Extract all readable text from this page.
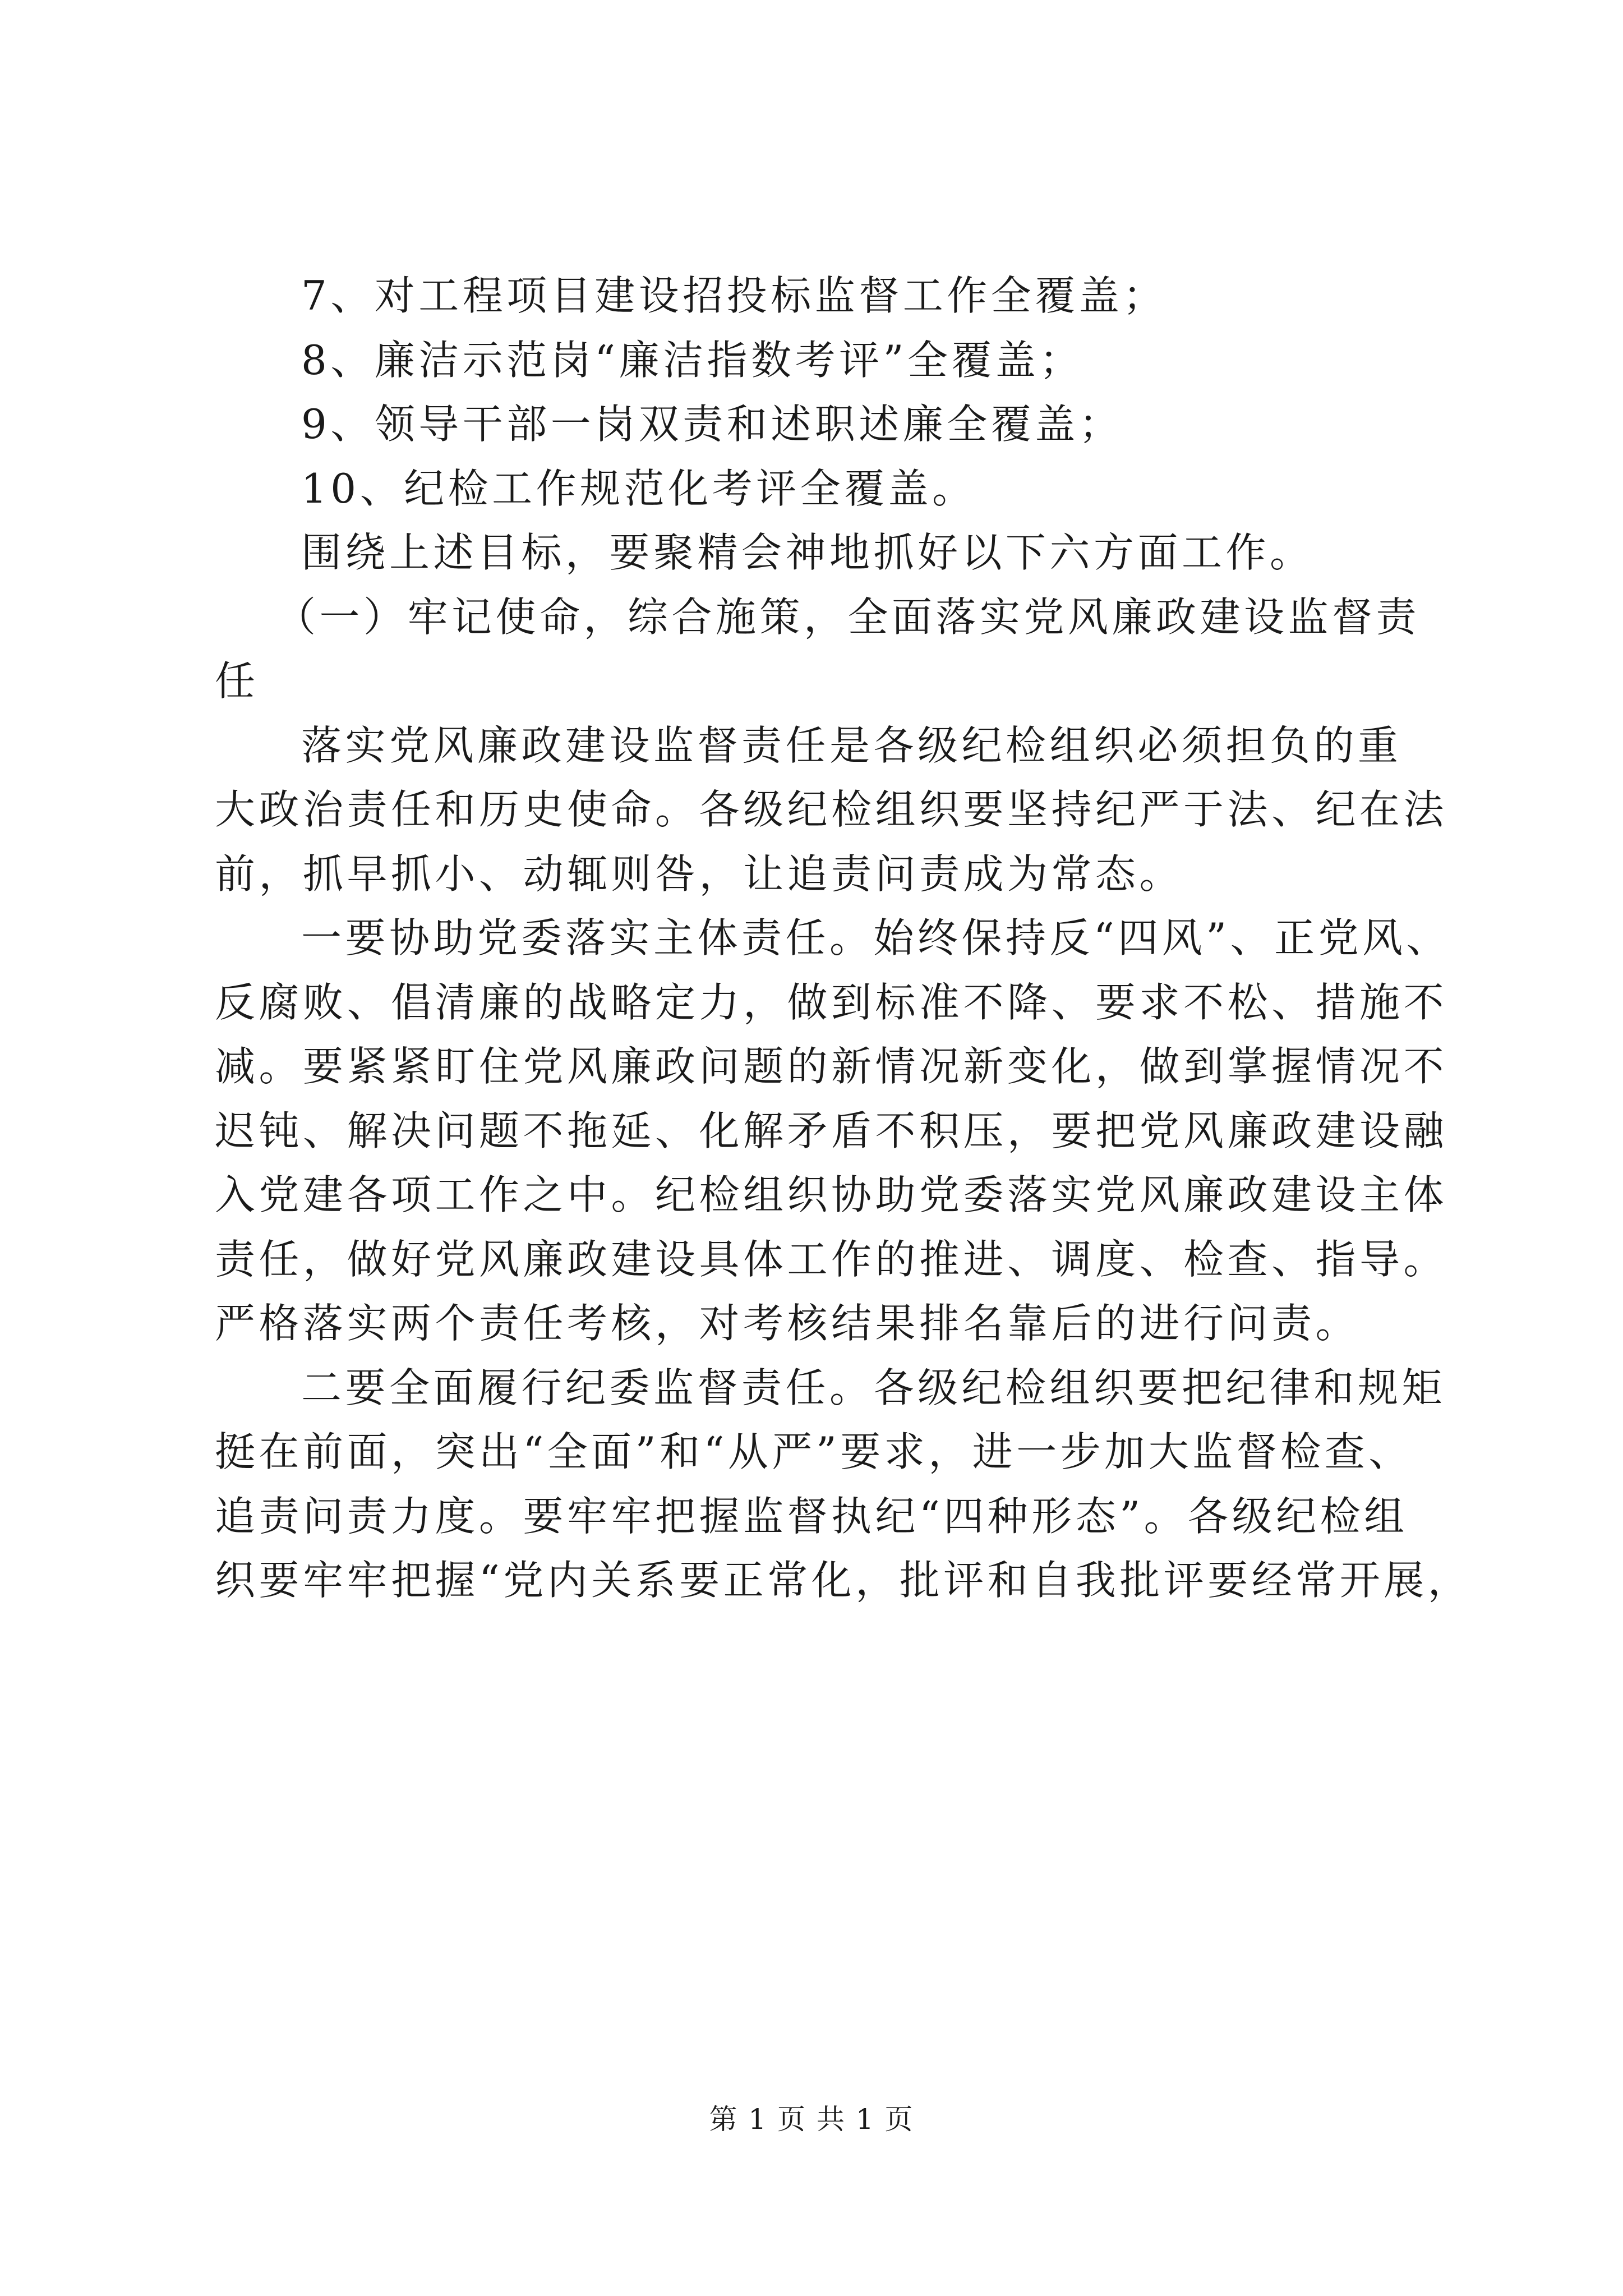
7、对工程项目建设招投标监督工作全覆盖；
8、廉洁示范岗“廉洁指数考评”全覆盖；
9、领导干部一岗双责和述职述廉全覆盖；
10、纪检工作规范化考评全覆盖。
围绕上述目标，要聚精会神地抓好以下六方面工作。
（一）牢记使命，综合施策，全面落实党风廉政建设监督责
任
落实党风廉政建设监督责任是各级纪检组织必须担负的重
大政治责任和历史使命。各级纪检组织要坚持纪严于法、纪在法
前，抓早抓小、动辄则咎，让追责问责成为常态。
一要协助党委落实主体责任。始终保持反“四风”、正党风、
反腐败、倡清廉的战略定力，做到标准不降、要求不松、措施不
减。要紧紧盯住党风廉政问题的新情况新变化，做到掌握情况不
迟钝、解决问题不拖延、化解矛盾不积压，要把党风廉政建设融
入党建各项工作之中。纪检组织协助党委落实党风廉政建设主体
责任，做好党风廉政建设具体工作的推进、调度、检查、指导。
严格落实两个责任考核，对考核结果排名靠后的进行问责。
二要全面履行纪委监督责任。各级纪检组织要把纪律和规矩
挺在前面，突出“全面”和“从严”要求，进一步加大监督检查、
追责问责力度。要牢牢把握监督执纪“四种形态”。各级纪检组
织要牢牢把握“党内关系要正常化，批评和自我批评要经常开展，
第 1 页 共 1 页
